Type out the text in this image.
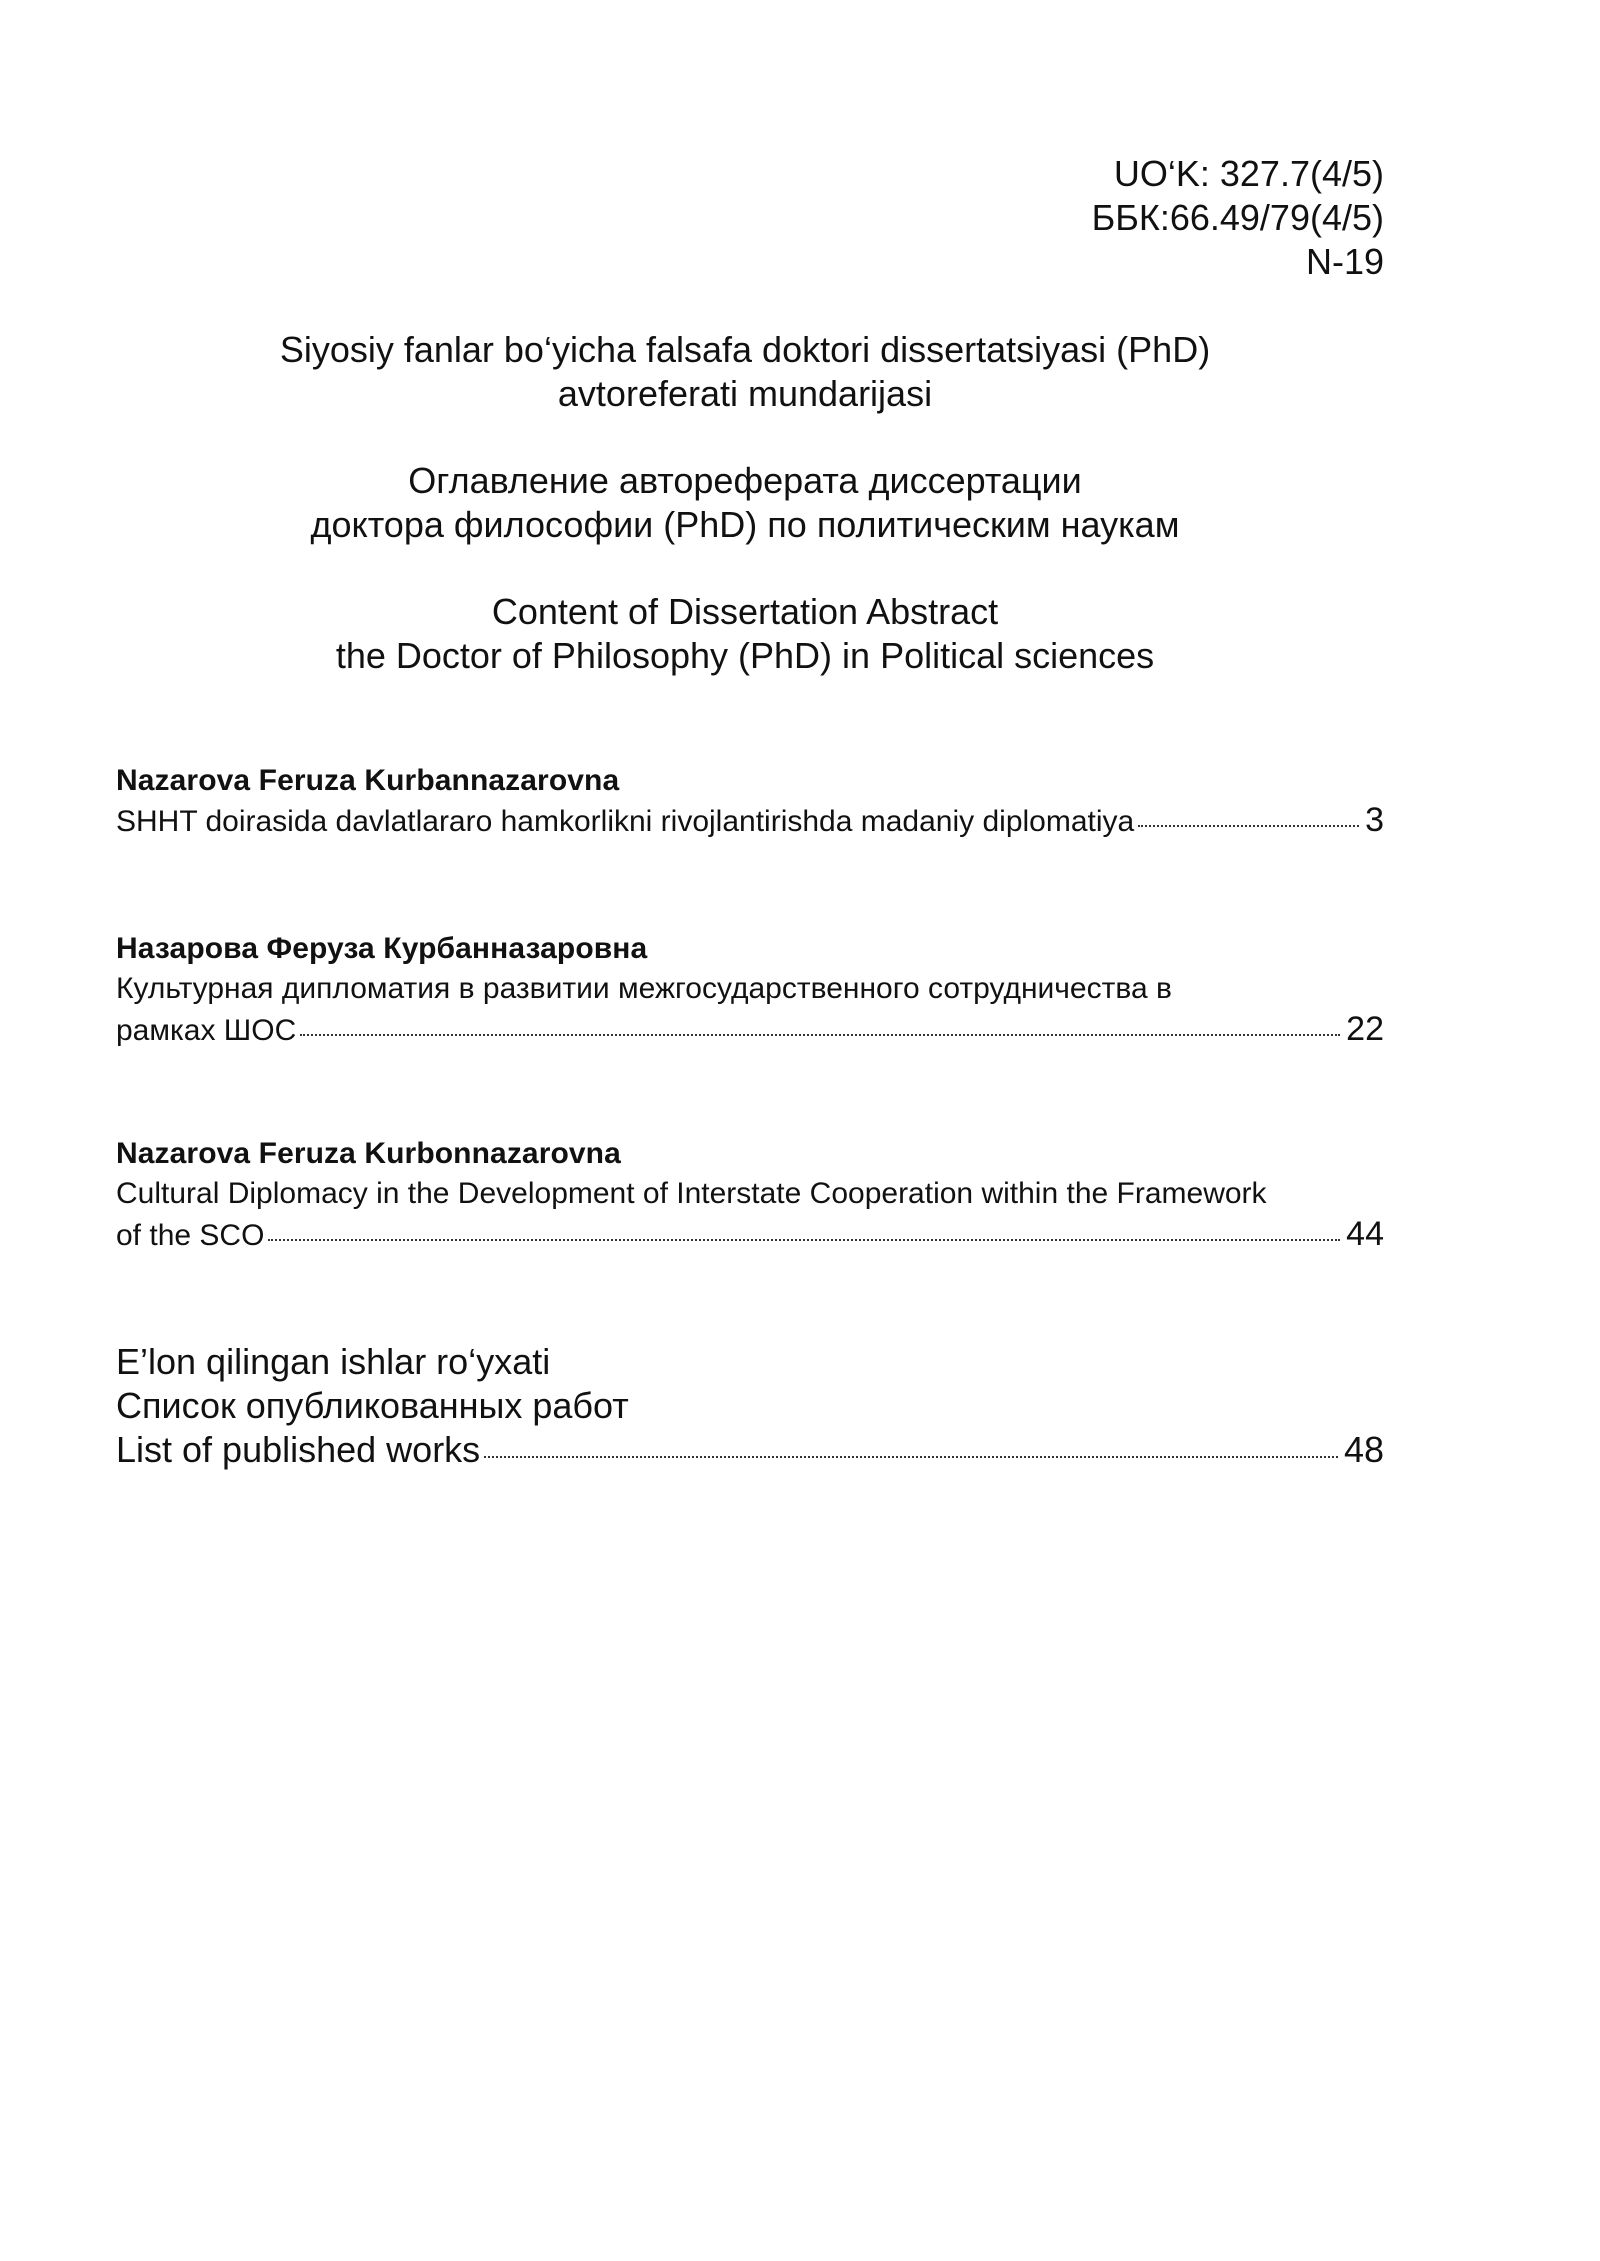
UO‘K: 327.7(4/5)
ББК:66.49/79(4/5)
N-19
Siyosiy fanlar bo‘yicha falsafa doktori dissertatsiyasi (PhD)
avtoreferati mundarijasi
Оглавление автореферата диссертации
доктора философии (PhD) по политическим наукам
Content of Dissertation Abstract
the Doctor of Philosophy (PhD) in Political sciences
Nazarova Feruza Kurbannazarovna
SHHT doirasida davlatlararo hamkorlikni rivojlantirishda madaniy diplomatiya	3
Назарова Феруза Курбанназаровна
Культурная дипломатия в развитии межгосударственного сотрудничества в
рамках ШОС	22
Nazarova Feruza Kurbonnazarovna
Cultural Diplomacy in the Development of Interstate Cooperation within the Framework
of the SCO	44
E’lon qilingan ishlar ro‘yxati
Список опубликованных работ
List of published works	48
